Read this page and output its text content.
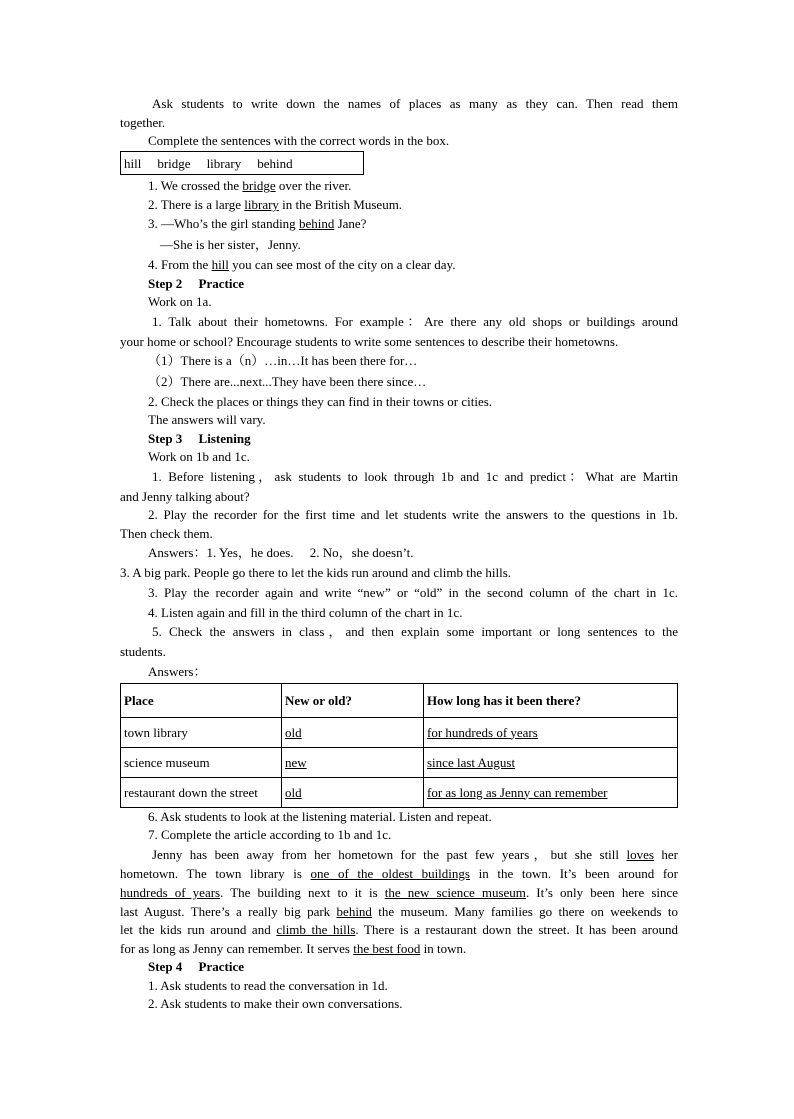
Ask students to write down the names of places as many as they can. Then read them
together.
Complete the sentences with the correct words in the box.
hill bridge library behind
1. We crossed the bridge over the river.
2. There is a large library in the British Museum.
3. —Who’s the girl standing behind Jane?
—She is her sister，Jenny.
4. From the hill you can see most of the city on a clear day.
Step 2　 Practice
Work on 1a.
1. Talk about their hometowns. For example：Are there any old shops or buildings around
your home or school? Encourage students to write some sentences to describe their hometowns.
（1）There is a（n）…in…It has been there for…
（2）There are...next...They have been there since…
2. Check the places or things they can find in their towns or cities.
The answers will vary.
Step 3　 Listening
Work on 1b and 1c.
1. Before listening，ask students to look through 1b and 1c and predict：What are Martin
and Jenny talking about?
2. Play the recorder for the first time and let students write the answers to the questions in 1b.
Then check them.
Answers：1. Yes，he does.　 2. No，she doesn’t.
3. A big park. People go there to let the kids run around and climb the hills.
3. Play the recorder again and write “new” or “old” in the second column of the chart in 1c.
4. Listen again and fill in the third column of the chart in 1c.
5. Check the answers in class，and then explain some important or long sentences to the
students.
Answers：
Place	New or old?	How long has it been there?
town library	old	for hundreds of years
science museum	new	since last August
restaurant down the street	old	for as long as Jenny can remember
6. Ask students to look at the listening material. Listen and repeat.
7. Complete the article according to 1b and 1c.
Jenny has been away from her hometown for the past few years，but she still loves her
hometown. The town library is one of the oldest buildings in the town. It’s been around for
hundreds of years. The building next to it is the new science museum. It’s only been here since
last August. There’s a really big park behind the museum. Many families go there on weekends to
let the kids run around and climb the hills. There is a restaurant down the street. It has been around
for as long as Jenny can remember. It serves the best food in town.
Step 4　 Practice
1. Ask students to read the conversation in 1d.
2. Ask students to make their own conversations.
